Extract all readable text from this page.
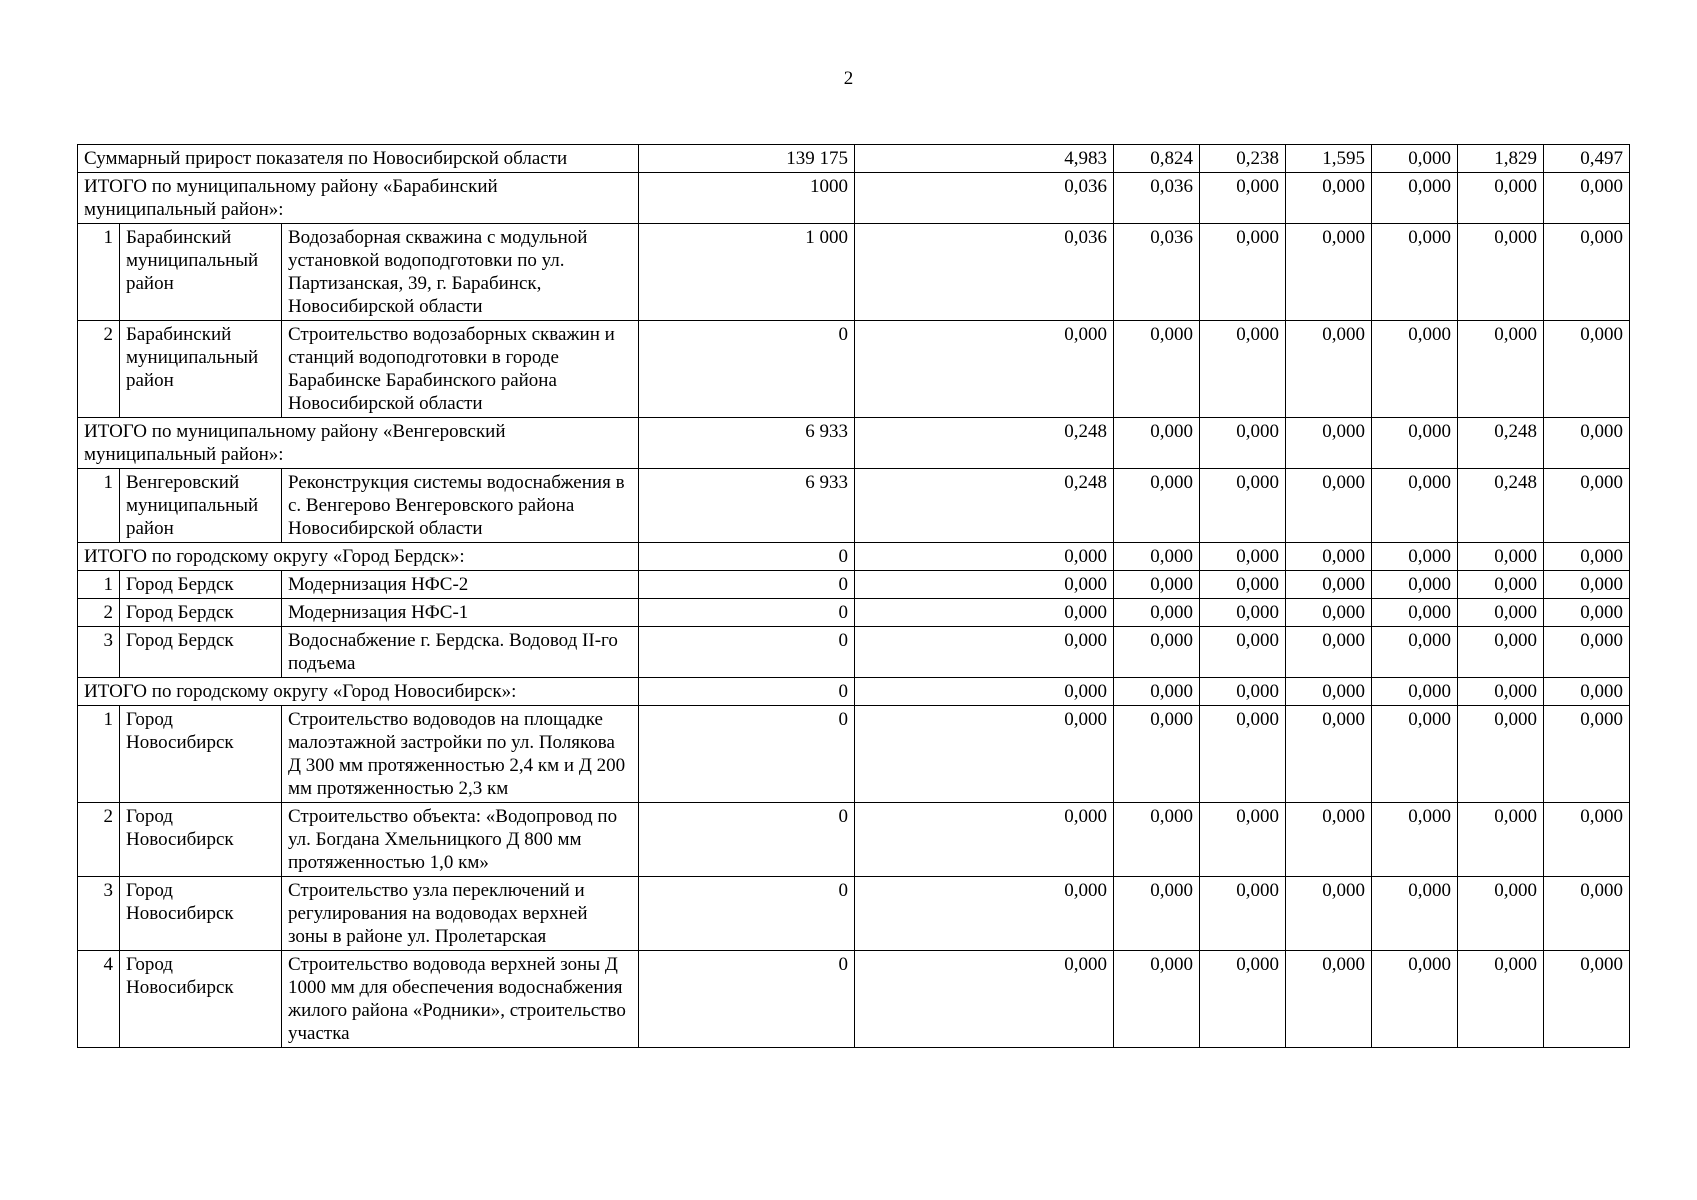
2
Суммарный прирост показателя по Новосибирской области			139 175	4,983	0,824	0,238	1,595	0,000	1,829	0,497
ИТОГО по муниципальному району «Барабинский муниципальный район»:			1000	0,036	0,036	0,000	0,000	0,000	0,000	0,000
1	Барабинский муниципальный район	Водозаборная скважина с модульной установкой водоподготовки по ул. Партизанская, 39, г. Барабинск, Новосибирской области	1 000	0,036	0,036	0,000	0,000	0,000	0,000	0,000
2	Барабинский муниципальный район	Строительство водозаборных скважин и станций водоподготовки в городе Барабинске Барабинского района Новосибирской области	0	0,000	0,000	0,000	0,000	0,000	0,000	0,000
ИТОГО по муниципальному району «Венгеровский муниципальный район»:			6 933	0,248	0,000	0,000	0,000	0,000	0,248	0,000
1	Венгеровский муниципальный район	Реконструкция системы водоснабжения в с. Венгерово Венгеровского района Новосибирской области	6 933	0,248	0,000	0,000	0,000	0,000	0,248	0,000
ИТОГО по городскому округу «Город Бердск»:			0	0,000	0,000	0,000	0,000	0,000	0,000	0,000
1	Город Бердск	Модернизация НФС-2	0	0,000	0,000	0,000	0,000	0,000	0,000	0,000
2	Город Бердск	Модернизация НФС-1	0	0,000	0,000	0,000	0,000	0,000	0,000	0,000
3	Город Бердск	Водоснабжение г. Бердска. Водовод II-го подъема	0	0,000	0,000	0,000	0,000	0,000	0,000	0,000
ИТОГО по городскому округу «Город Новосибирск»:			0	0,000	0,000	0,000	0,000	0,000	0,000	0,000
1	Город Новосибирск	Строительство водоводов на площадке малоэтажной застройки по ул. Полякова Д 300 мм протяженностью 2,4 км и Д 200 мм протяженностью 2,3 км	0	0,000	0,000	0,000	0,000	0,000	0,000	0,000
2	Город Новосибирск	Строительство объекта: «Водопровод по ул. Богдана Хмельницкого Д 800 мм протяженностью 1,0 км»	0	0,000	0,000	0,000	0,000	0,000	0,000	0,000
3	Город Новосибирск	Строительство узла переключений и регулирования на водоводах верхней зоны в районе ул. Пролетарская	0	0,000	0,000	0,000	0,000	0,000	0,000	0,000
4	Город Новосибирск	Строительство водовода верхней зоны Д 1000 мм для обеспечения водоснабжения жилого района «Родники», строительство участка	0	0,000	0,000	0,000	0,000	0,000	0,000	0,000
